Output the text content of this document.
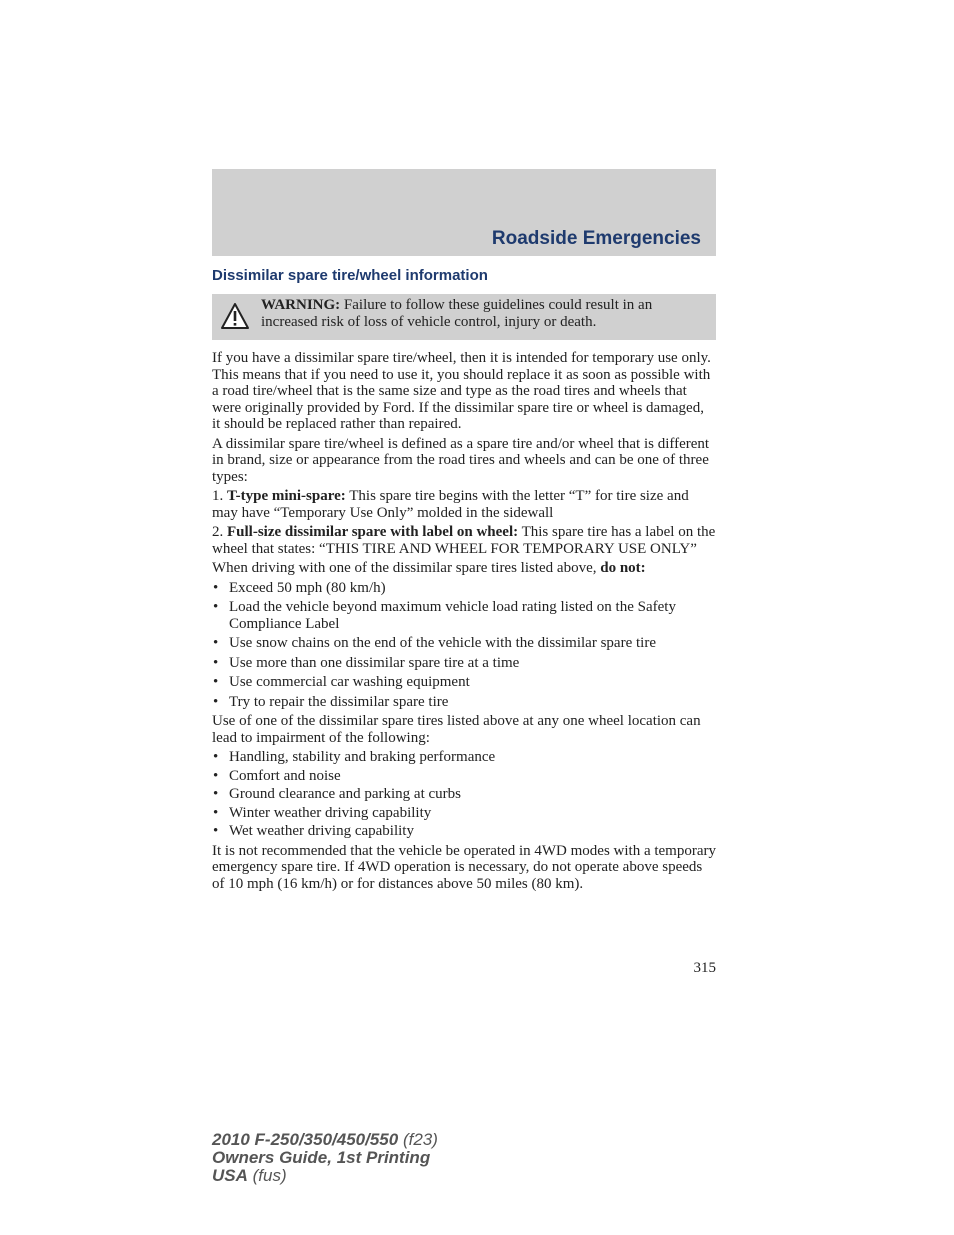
Roadside Emergencies
Dissimilar spare tire/wheel information
WARNING: Failure to follow these guidelines could result in an increased risk of loss of vehicle control, injury or death.

If you have a dissimilar spare tire/wheel, then it is intended for temporary use only. This means that if you need to use it, you should replace it as soon as possible with a road tire/wheel that is the same size and type as the road tires and wheels that were originally provided by Ford. If the dissimilar spare tire or wheel is damaged, it should be replaced rather than repaired.

A dissimilar spare tire/wheel is defined as a spare tire and/or wheel that is different in brand, size or appearance from the road tires and wheels and can be one of three types:

1. T-type mini-spare: This spare tire begins with the letter “T” for tire size and may have “Temporary Use Only” molded in the sidewall

2. Full-size dissimilar spare with label on wheel: This spare tire has a label on the wheel that states: “THIS TIRE AND WHEEL FOR TEMPORARY USE ONLY”

When driving with one of the dissimilar spare tires listed above, do not:

• Exceed 50 mph (80 km/h)
• Load the vehicle beyond maximum vehicle load rating listed on the Safety Compliance Label
• Use snow chains on the end of the vehicle with the dissimilar spare tire
• Use more than one dissimilar spare tire at a time
• Use commercial car washing equipment
• Try to repair the dissimilar spare tire

Use of one of the dissimilar spare tires listed above at any one wheel location can lead to impairment of the following:

• Handling, stability and braking performance
• Comfort and noise
• Ground clearance and parking at curbs
• Winter weather driving capability
• Wet weather driving capability

It is not recommended that the vehicle be operated in 4WD modes with a temporary emergency spare tire. If 4WD operation is necessary, do not operate above speeds of 10 mph (16 km/h) or for distances above 50 miles (80 km).

315
2010 F-250/350/450/550 (f23)
Owners Guide, 1st Printing
USA (fus)
